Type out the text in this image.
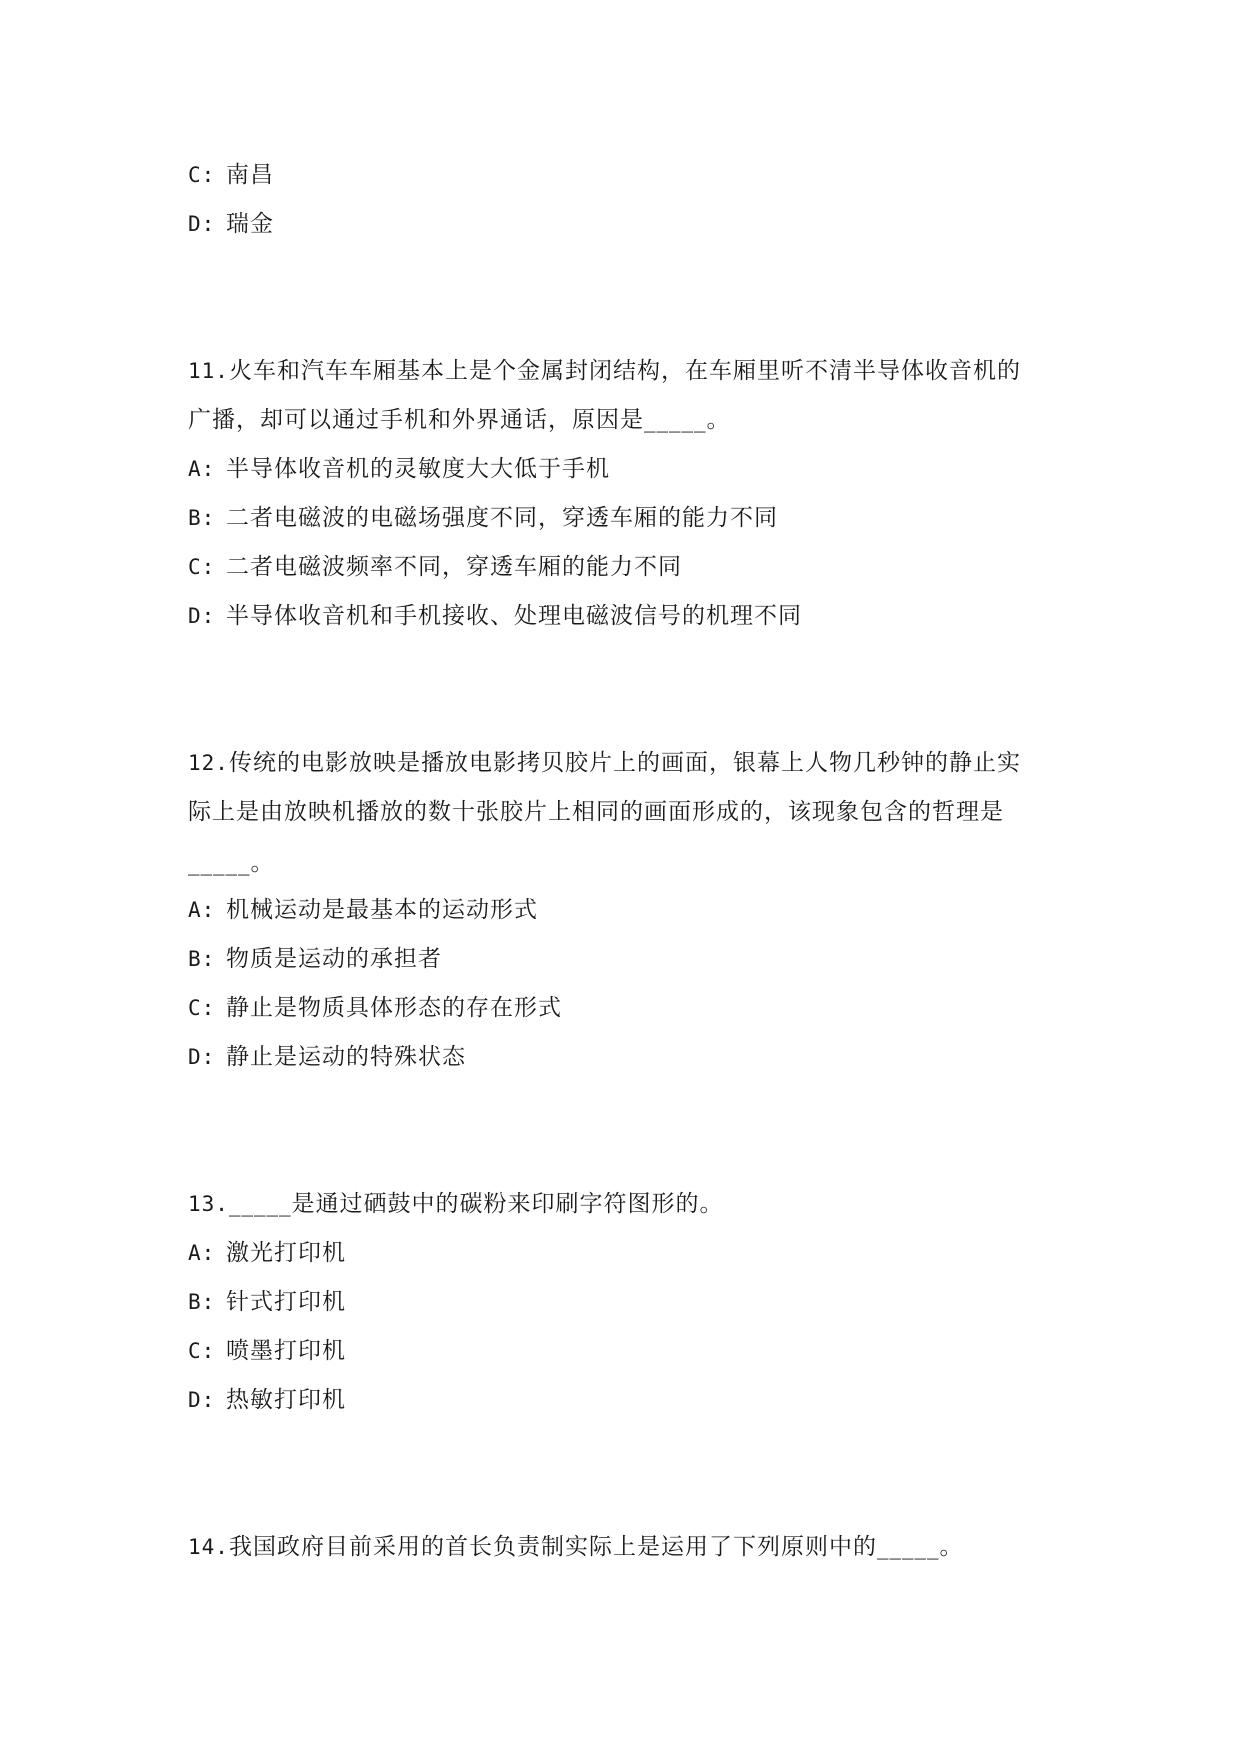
C: 南昌
D: 瑞金
11.火车和汽车车厢基本上是个金属封闭结构，在车厢里听不清半导体收音机的
广播，却可以通过手机和外界通话，原因是_____。
A: 半导体收音机的灵敏度大大低于手机
B: 二者电磁波的电磁场强度不同，穿透车厢的能力不同
C: 二者电磁波频率不同，穿透车厢的能力不同
D: 半导体收音机和手机接收、处理电磁波信号的机理不同
12.传统的电影放映是播放电影拷贝胶片上的画面，银幕上人物几秒钟的静止实
际上是由放映机播放的数十张胶片上相同的画面形成的，该现象包含的哲理是
_____。
A: 机械运动是最基本的运动形式
B: 物质是运动的承担者
C: 静止是物质具体形态的存在形式
D: 静止是运动的特殊状态
13._____是通过硒鼓中的碳粉来印刷字符图形的。
A: 激光打印机
B: 针式打印机
C: 喷墨打印机
D: 热敏打印机
14.我国政府目前采用的首长负责制实际上是运用了下列原则中的_____。
